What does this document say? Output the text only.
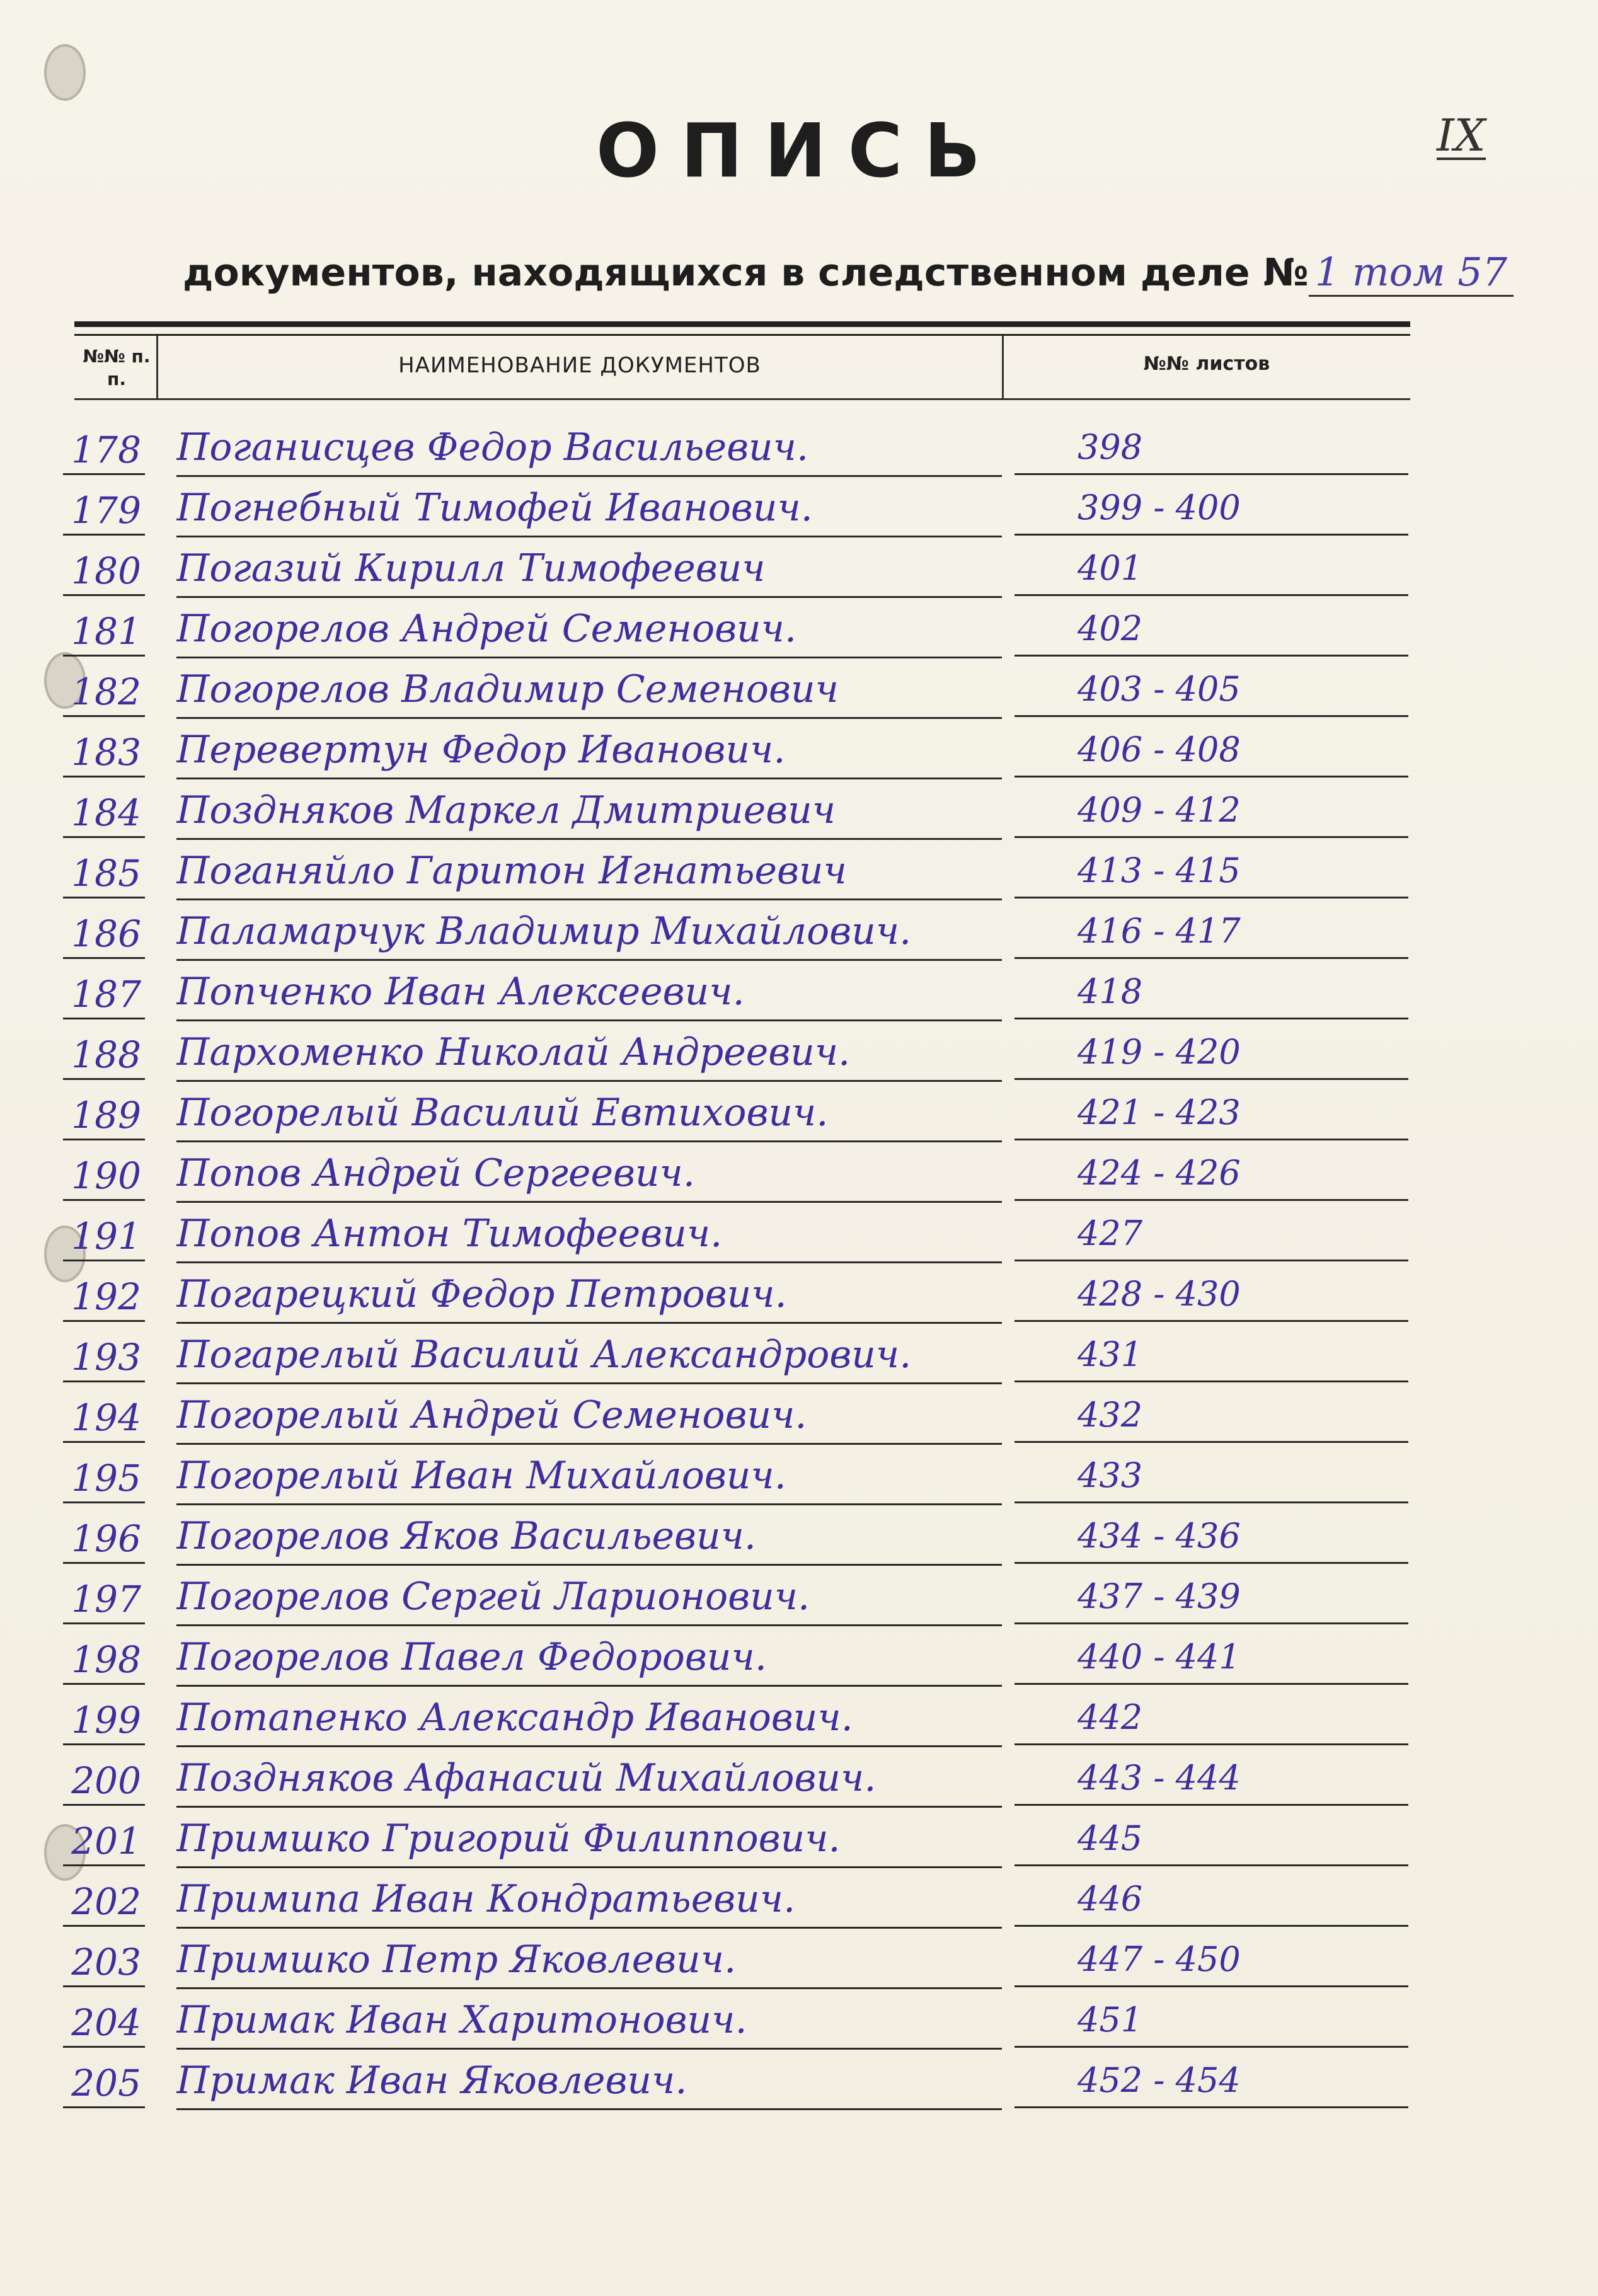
IX
ОПИСЬ
документов, находящихся в следственном деле № 1 том 57
№№ п. п.
НАИМЕНОВАНИЕ ДОКУМЕНТОВ	№№ листов
178 Поганисцев Федор Васильевич.	398
179 Погнебный Тимофей Иванович.	399 - 400
180 Погазий Кирилл Тимофеевич	401
181 Погорелов Андрей Семенович.	402
182 Погорелов Владимир Семенович	403 - 405
183 Перевертун Федор Иванович.	406 - 408
184 Поздняков Маркел Дмитриевич	409 - 412
185 Поганяйло Гаритон Игнатьевич	413 - 415
186 Паламарчук Владимир Михайлович.	416 - 417
187 Попченко Иван Алексеевич.	418
188 Пархоменко Николай Андреевич.	419 - 420
189 Погорелый Василий Евтихович.	421 - 423
190 Попов Андрей Сергеевич.	424 - 426
191 Попов Антон Тимофеевич.	427
192 Погарецкий Федор Петрович.	428 - 430
193 Погарелый Василий Александрович.	431
194 Погорелый Андрей Семенович.	432
195 Погорелый Иван Михайлович.	433
196 Погорелов Яков Васильевич.	434 - 436
197 Погорелов Сергей Ларионович.	437 - 439
198 Погорелов Павел Федорович.	440 - 441
199 Потапенко Александр Иванович.	442
200 Поздняков Афанасий Михайлович.	443 - 444
201 Примшко Григорий Филиппович.	445
202 Примипа Иван Кондратьевич.	446
203 Примшко Петр Яковлевич.	447 - 450
204 Примак Иван Харитонович.	451
205 Примак Иван Яковлевич.	452 - 454
